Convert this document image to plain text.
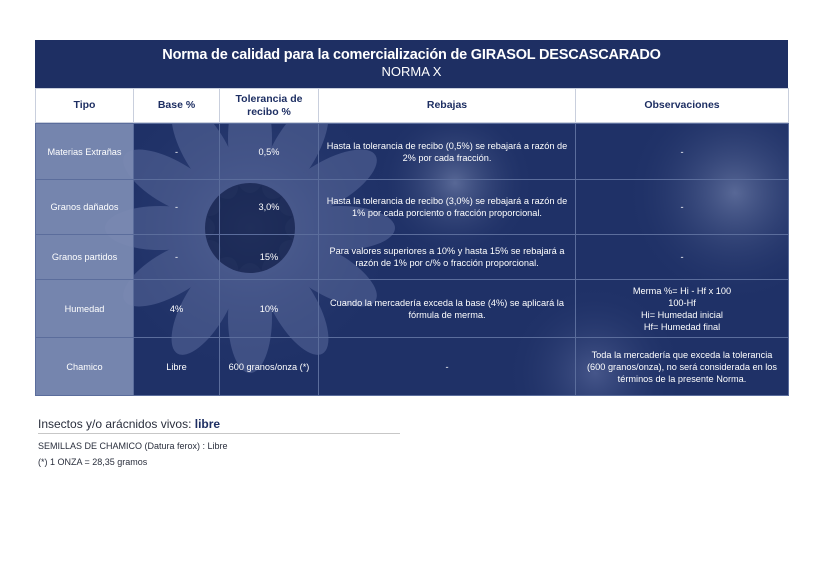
Norma de calidad para la comercialización de GIRASOL DESCASCARADO
NORMA X
Tipo	Base %	Tolerancia de recibo %	Rebajas	Observaciones
Materias Extrañas	-	0,5%	Hasta la tolerancia de recibo (0,5%) se rebajará a razón de 2% por cada fracción.	-
Granos dañados	-	3,0%	Hasta la tolerancia de recibo (3,0%) se rebajará a razón de 1% por cada porciento o fracción proporcional.	-
Granos partidos	-	15%	Para valores superiores a 10% y hasta 15% se rebajará a razón de 1% por c/% o fracción proporcional.	-
Humedad	4%	10%	Cuando la mercadería exceda la base (4%) se aplicará la fórmula de merma.	Merma %= Hi - Hf x 100
100-Hf
Hi= Humedad inicial
Hf= Humedad final

Chamico	Libre	600 granos/onza (*)	-	Toda la mercadería que exceda la tolerancia (600 granos/onza), no será considerada en los términos de la presente Norma.
Insectos y/o arácnidos vivos: libre
SEMILLAS DE CHAMICO (Datura ferox) : Libre
(*) 1 ONZA = 28,35 gramos
